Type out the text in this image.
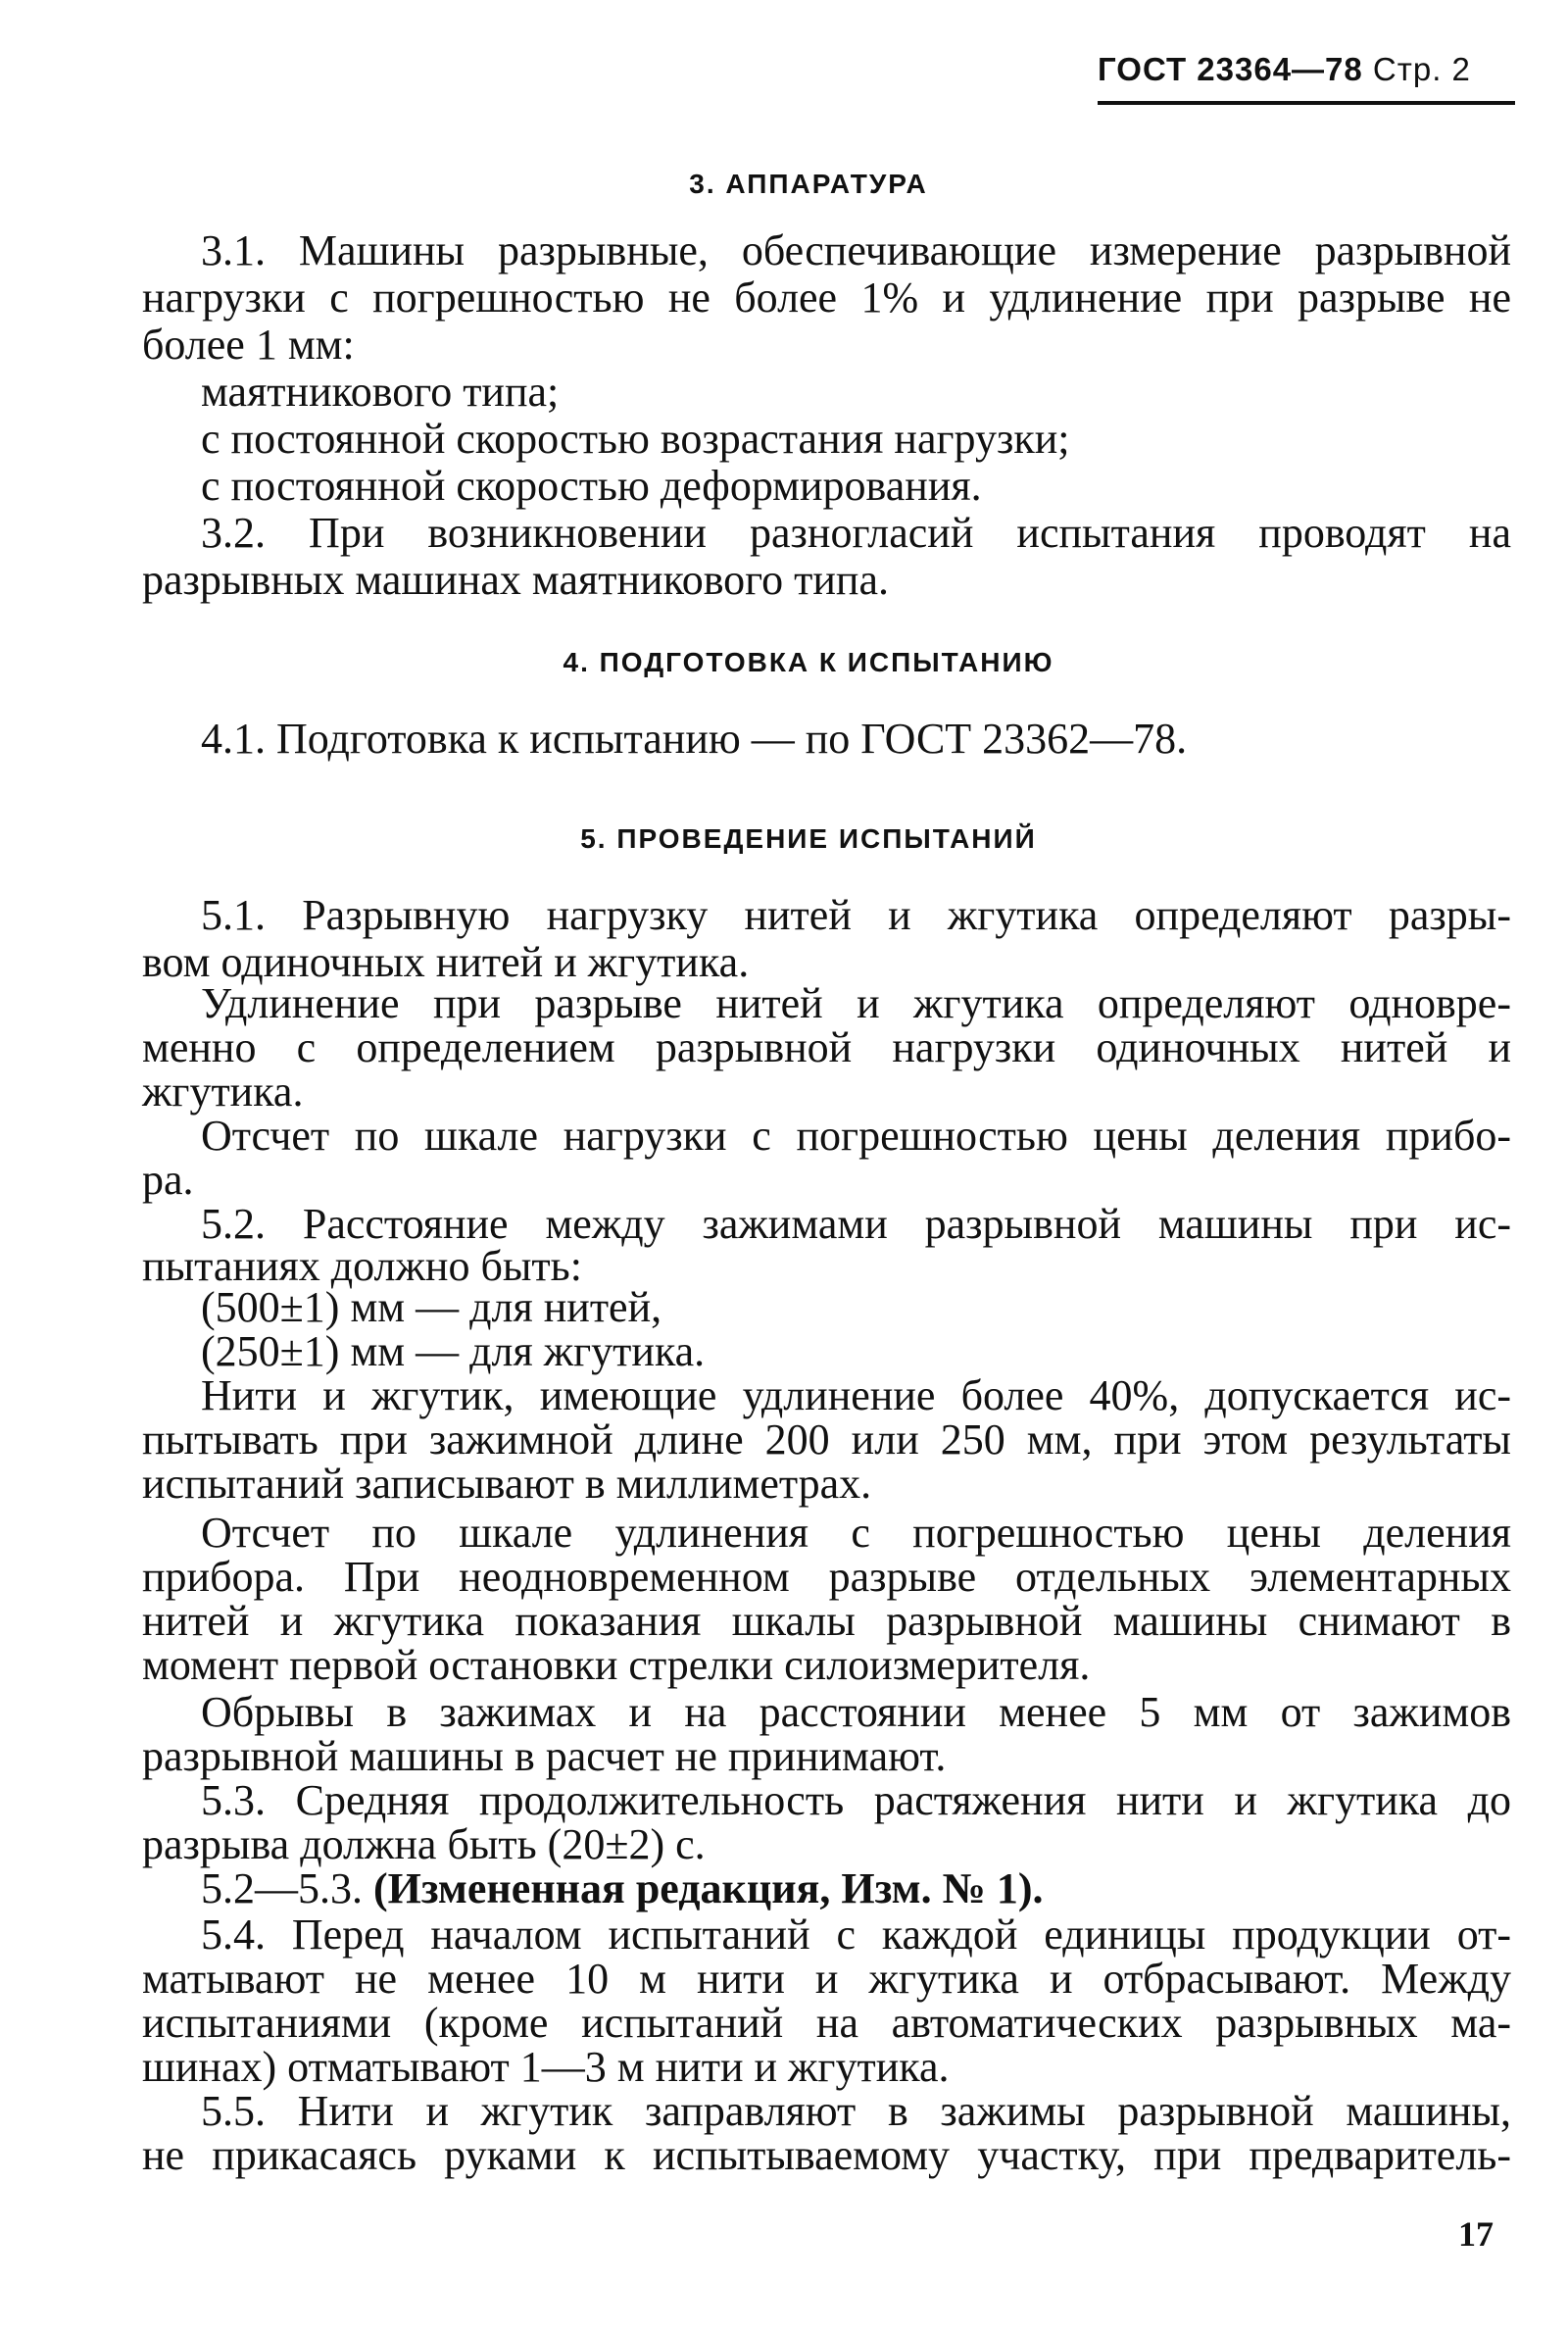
ГОСТ 23364—78 Стр. 2
3. АППАРАТУРА
3.1. Машины разрывные, обеспечивающие измерение разрывной
нагрузки с погрешностью не более 1% и удлинение при разрыве не
более 1 мм:
маятникового типа;
с постоянной скоростью возрастания нагрузки;
с постоянной скоростью деформирования.
3.2. При возникновении разногласий испытания проводят на
разрывных машинах маятникового типа.
4. ПОДГОТОВКА К ИСПЫТАНИЮ
4.1. Подготовка к испытанию — по ГОСТ 23362—78.
5. ПРОВЕДЕНИЕ ИСПЫТАНИЙ
5.1. Разрывную нагрузку нитей и жгутика определяют разры-
вом одиночных нитей и жгутика.
Удлинение при разрыве нитей и жгутика определяют одновре-
менно с определением разрывной нагрузки одиночных нитей и
жгутика.
Отсчет по шкале нагрузки с погрешностью цены деления прибо-
ра.
5.2. Расстояние между зажимами разрывной машины при ис-
пытаниях должно быть:
(500±1) мм — для нитей,
(250±1) мм — для жгутика.
Нити и жгутик, имеющие удлинение более 40%, допускается ис-
пытывать при зажимной длине 200 или 250 мм, при этом результаты
испытаний записывают в миллиметрах.
Отсчет по шкале удлинения с погрешностью цены деления
прибора. При неодновременном разрыве отдельных элементарных
нитей и жгутика показания шкалы разрывной машины снимают в
момент первой остановки стрелки силоизмерителя.
Обрывы в зажимах и на расстоянии менее 5 мм от зажимов
разрывной машины в расчет не принимают.
5.3. Средняя продолжительность растяжения нити и жгутика до
разрыва должна быть (20±2) с.
5.2—5.3. (Измененная редакция, Изм. № 1).
5.4. Перед началом испытаний с каждой единицы продукции от-
матывают не менее 10 м нити и жгутика и отбрасывают. Между
испытаниями (кроме испытаний на автоматических разрывных ма-
шинах) отматывают 1—3 м нити и жгутика.
5.5. Нити и жгутик заправляют в зажимы разрывной машины,
не прикасаясь руками к испытываемому участку, при предваритель-
17
